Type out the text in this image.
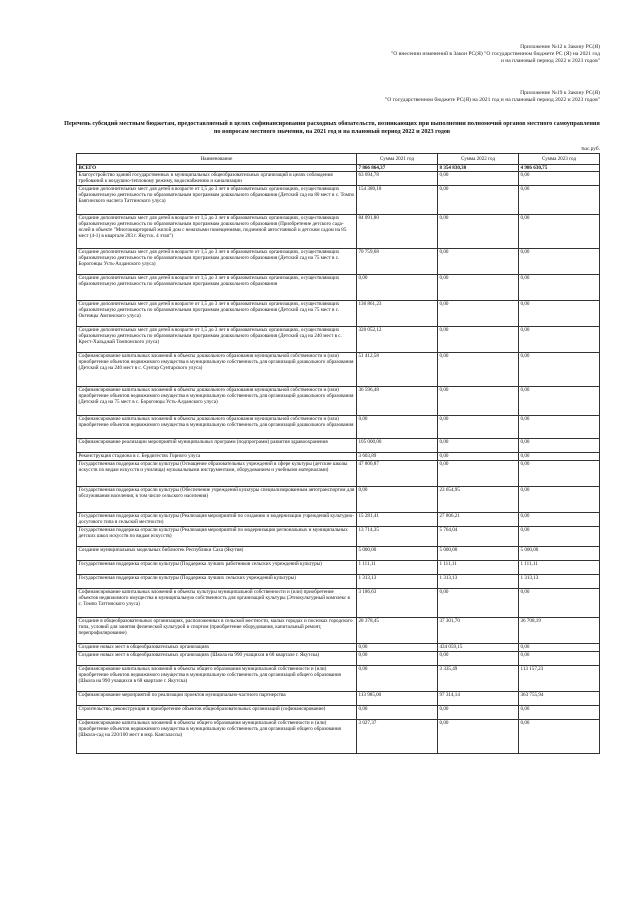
Приложение №12 к Закону РС(Я)
"О внесении изменений в Закон РС(Я) "О государственном бюджете РС (Я) на 2021 год
и на плановый период 2022 и 2023 годов"
Приложение №19 к Закону РС(Я)
"О государственном бюджете РС(Я) на 2021 год и на плановый период 2022 и 2023 годов"
Перечень субсидий местным бюджетам, предоставляемый в целях софинансирования расходных обязательств, возникающих при выполнении полномочий органов местного самоуправления по вопросам местного значения, на 2021 год и на плановый период 2022 и 2023 годов
тыс.руб.
Наименование	Сумма 2021 год	Сумма 2022 год	Сумма 2023 год
ВСЕГО	7 866 864,37	8 354 830,30	4 986 630,75
Благоустройство зданий государственных и муниципальных общеобразовательных организаций в целях соблюдения требований к воздушно-тепловому режиму, водоснабжению и канализации	63 694,78	0,00	0,00
Создание дополнительных мест для детей в возрасте от 1,5 до 3 лет в образовательных организациях, осуществляющих образовательную деятельность по образовательным программам дошкольного образования (Детский сад на 80 мест в с. Томпо Баягинского наслега Таттинского улуса)	154 380,18	0,00	0,00
Создание дополнительных мест для детей в возрасте от 1,5 до 3 лет в образовательных организациях, осуществляющих образовательную деятельность по образовательным программам дошкольного образования (Приобретение детского сада-яслей в объекте "Многоквартирный жилой дом с нежилыми помещениями, подземной автостоянкой и детским садом на 85 мест (4-1) в квартале 203 г. Якутск. 4 этап")	84 091,80	0,00	0,00
Создание дополнительных мест для детей в возрасте от 1,5 до 3 лет в образовательных организациях, осуществляющих образовательную деятельность по образовательным программам дошкольного образования (Детский сад на 75 мест в с. Борогонцы Усть-Алданского улуса)	70 759,68	0,00	0,00
Создание дополнительных мест для детей в возрасте от 1,5 до 3 лет в образовательных организациях, осуществляющих образовательную деятельность по образовательным программам дошкольного образования	0,00	0,00	0,00
Создание дополнительных мест для детей в возрасте от 1,5 до 3 лет в образовательных организациях, осуществляющих образовательную деятельность по образовательным программам дошкольного образования (Детский сад на 75 мест в с. Октемцы Амгинского улуса)	136 861,23	0,00	0,00
Создание дополнительных мест для детей в возрасте от 1,5 до 3 лет в образовательных организациях, осуществляющих образовательную деятельность по образовательным программам дошкольного образования (Детский сад на 240 мест в с. Крест-Хальджай Томпонского улуса)	320 052,12	0,00	0,00
Софинансирование капитальных вложений в объекты дошкольного образования муниципальной собственности и (или) приобретение объектов недвижимого имущества в муниципальную собственность для организаций дошкольного образования (Детский сад на 240 мест в с. Сунтар Сунтарского улуса)	51 412,58	0,00	0,00
Софинансирование капитальных вложений в объекты дошкольного образования муниципальной собственности и (или) приобретение объектов недвижимого имущества в муниципальную собственность для организаций дошкольного образования (Детский сад на 75 мест в с. Борогонцы Усть-Алданского улуса)	36 596,48	0,00	0,00
Софинансирование капитальных вложений в объекты дошкольного образования муниципальной собственности и (или) приобретение объектов недвижимого имущества в муниципальную собственность для организаций дошкольного образования	0,00	0,00	0,00
Софинансирование реализации мероприятий муниципальных программ (подпрограмм) развития здравоохранения	105 000,00	0,00	0,00
Реконструкция стадиона в с. Бердигестях Горного улуса	3 603,89	0,00	0,00
Государственная поддержка отрасли культуры (Оснащение образовательных учреждений в сфере культуры (детские школы искусств по видам искусств и училища) музыкальными инструментами, оборудованием и учебными материалами)	47 800,87	0,00	0,00
Государственная поддержка отрасли культуры (Обеспечение учреждений культуры специализированным автотранспортом для обслуживания населения, в том числе сельского населения)	0,00	23 654,95	0,00
Государственная поддержка отрасли культуры (Реализация мероприятий по созданию и модернизации учреждений культурно-досугового типа в сельской местности)	15 281,41	27 806,21	0,00
Государственная поддержка отрасли культуры (Реализация мероприятий по модернизации региональных и муниципальных детских школ искусств по видам искусств)	13 714,35	5 764,04	0,00
Создание муниципальных модельных библиотек Республики Саха (Якутия)	5 000,00	5 000,00	5 000,00
Государственная поддержка отрасли культуры (Поддержка лучших работников сельских учреждений культуры)	1 111,11	1 111,11	1 111,11
Государственная поддержка отрасли культуры (Поддержка лучших сельских учреждений культуры)	1 313,13	1 313,13	1 313,13
Софинансирование капитальных вложений в объекты культуры муниципальной собственности и (или) приобретение объектов недвижимого имущества в муниципальную собственность для организаций культуры (Этнокультурный комплекс в с. Томпо Таттинского улуса)	3 186,63	0,00	0,00
Создание в общеобразовательных организациях, расположенных в сельской местности, малых городах и поселках городского типа, условий для занятия физической культурой и спортом (приобретение оборудования, капитальный ремонт, перепрофилирование)	28 378,45	37 301,70	36 708,19
Создание новых мест в общеобразовательных организациях	0,00	434 059,15	0,00
Создание новых мест в общеобразовательных организациях (Школа на 990 учащихся в 68 квартале г. Якутска)	0,00	0,00	0,00
Софинансирование капитальных вложений в объекты общего образования муниципальной собственности и (или) приобретение объектов недвижимого имущества в муниципальную собственность для организаций общего образования (Школа на 990 учащихся в 68 квартале г. Якутска)	0,00	3 335,49	113 157,23
Софинансирование мероприятий по реализации проектов муниципально-частного партнерства	113 985,00	97 314,14	363 755,94
Строительство, реконструкция и приобретение объектов общеобразовательных организаций (софинансирование)	0,00	0,00	0,00
Софинансирование капитальных вложений в объекты общего образования муниципальной собственности и (или) приобретение объектов недвижимого имущества в муниципальную собственность для организаций общего образования (Школа-сад на 220/100 мест в мкр. Кангалассы)	3 027,37	0,00	0,00
